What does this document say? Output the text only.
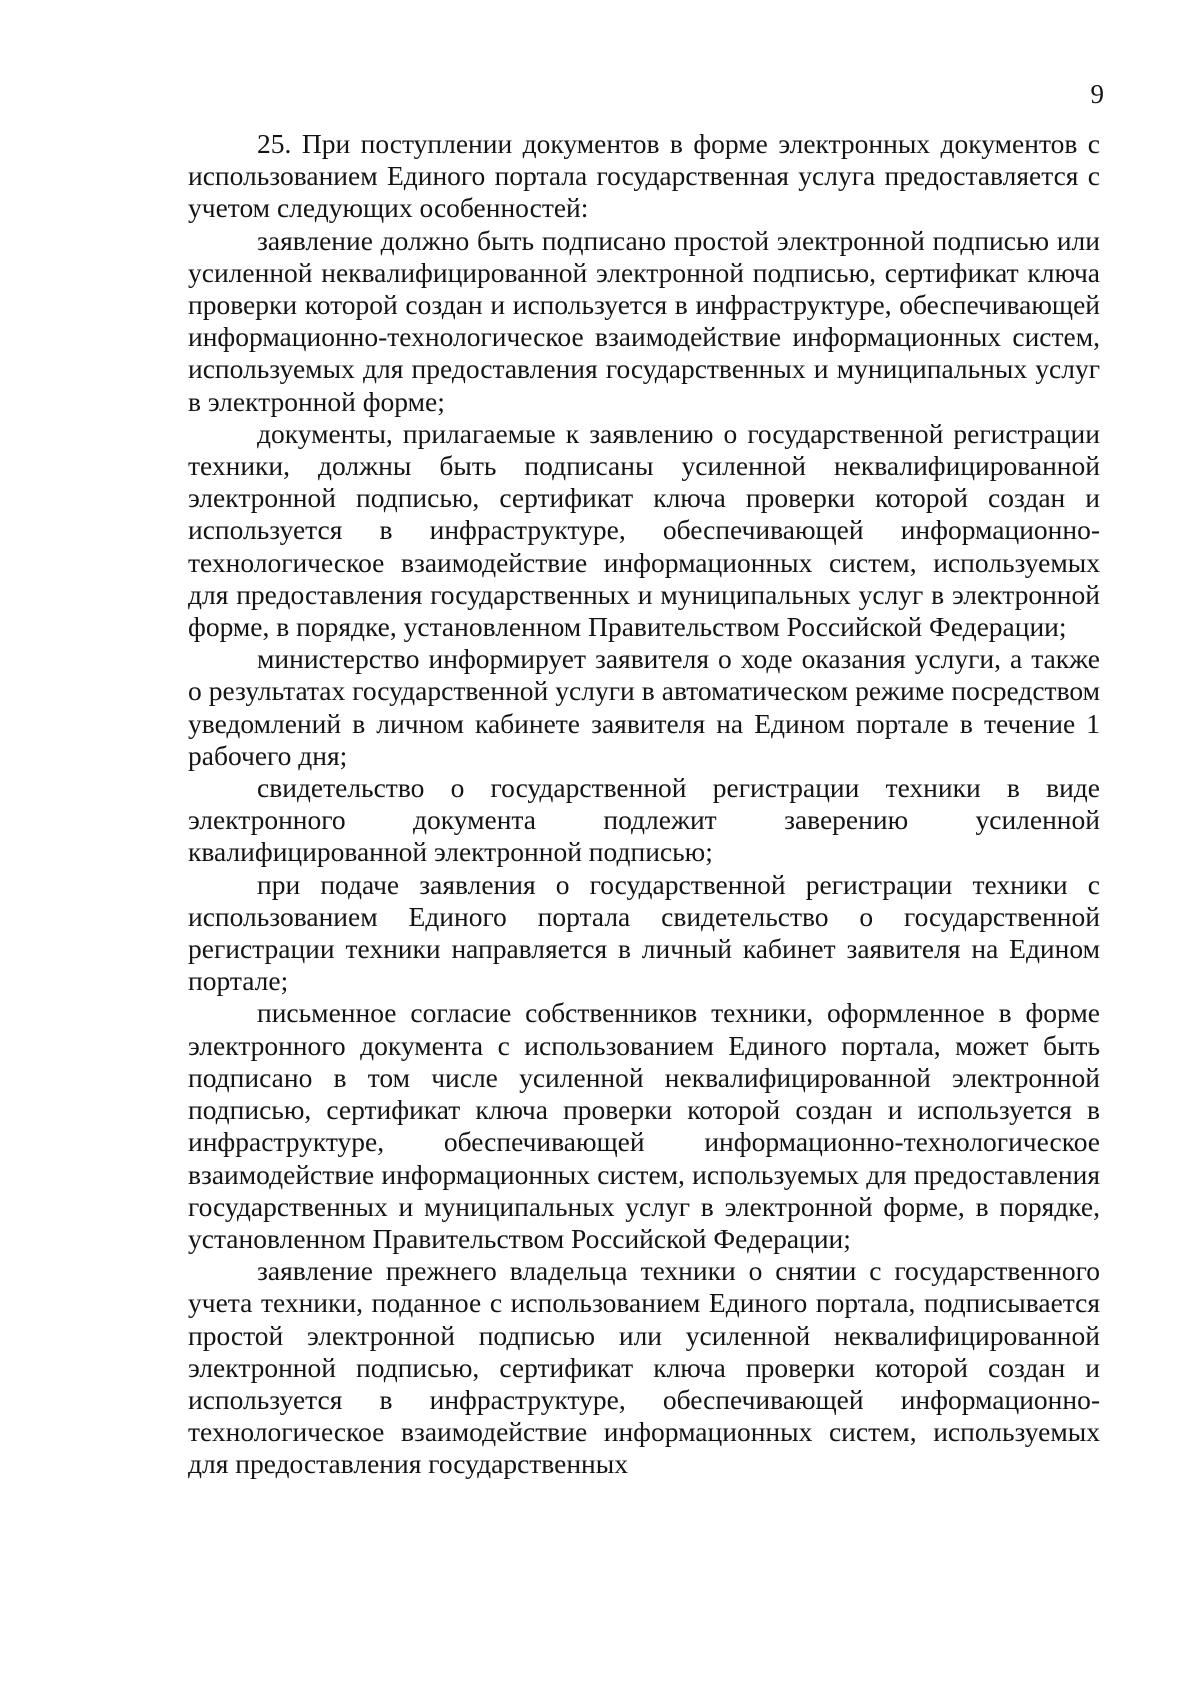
9

25. При поступлении документов в форме электронных документов с использованием Единого портала государственная услуга предоставляется с учетом следующих особенностей:

заявление должно быть подписано простой электронной подписью или усиленной неквалифицированной электронной подписью, сертификат ключа проверки которой создан и используется в инфраструктуре, обеспечивающей информационно-технологическое взаимодействие информационных систем, используемых для предоставления государственных и муниципальных услуг в электронной форме;

документы, прилагаемые к заявлению о государственной регистрации техники, должны быть подписаны усиленной неквалифицированной электронной подписью, сертификат ключа проверки которой создан и используется в инфраструктуре, обеспечивающей информационно-технологическое взаимодействие информационных систем, используемых для предоставления государственных и муниципальных услуг в электронной форме, в порядке, установленном Правительством Российской Федерации;

министерство информирует заявителя о ходе оказания услуги, а также о результатах государственной услуги в автоматическом режиме посредством уведомлений в личном кабинете заявителя на Едином портале в течение 1 рабочего дня;

свидетельство о государственной регистрации техники в виде электронного документа подлежит заверению усиленной квалифицированной электронной подписью;

при подаче заявления о государственной регистрации техники с использованием Единого портала свидетельство о государственной регистрации техники направляется в личный кабинет заявителя на Едином портале;

письменное согласие собственников техники, оформленное в форме электронного документа с использованием Единого портала, может быть подписано в том числе усиленной неквалифицированной электронной подписью, сертификат ключа проверки которой создан и используется в инфраструктуре, обеспечивающей информационно-технологическое взаимодействие информационных систем, используемых для предоставления государственных и муниципальных услуг в электронной форме, в порядке, установленном Правительством Российской Федерации;

заявление прежнего владельца техники о снятии с государственного учета техники, поданное с использованием Единого портала, подписывается простой электронной подписью или усиленной неквалифицированной электронной подписью, сертификат ключа проверки которой создан и используется в инфраструктуре, обеспечивающей информационно-технологическое взаимодействие информационных систем, используемых для предоставления государственных
